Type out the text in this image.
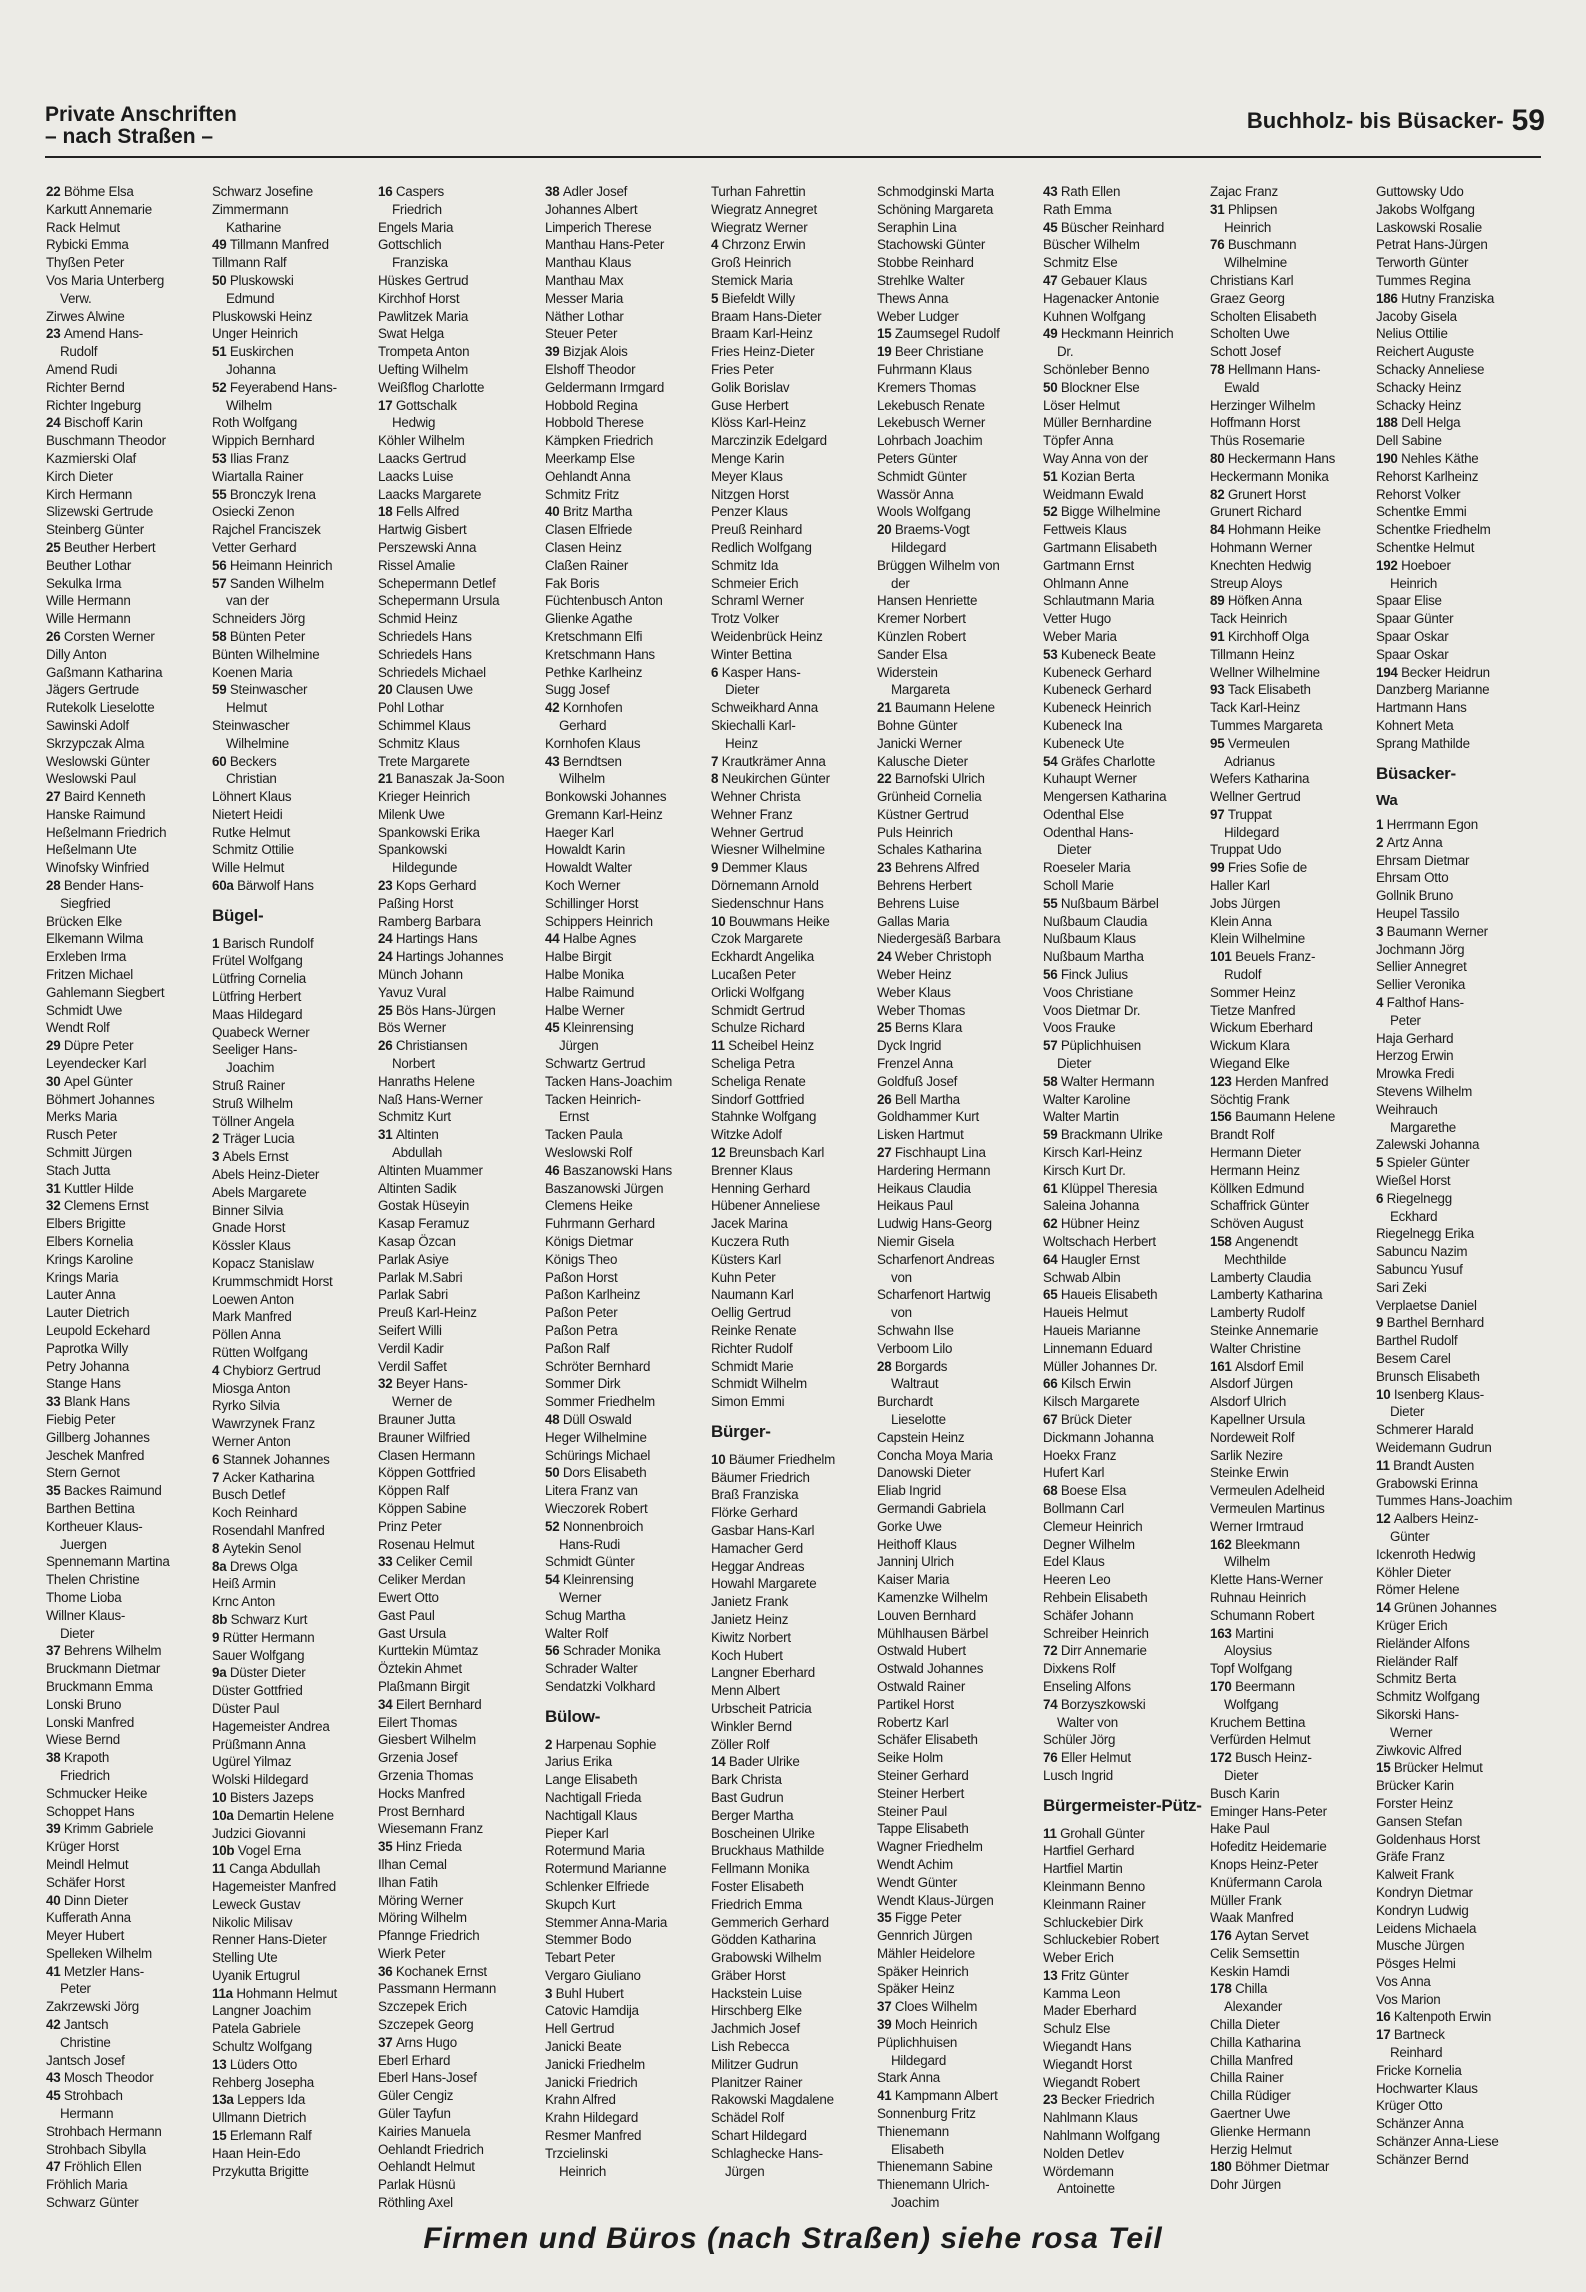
Private Anschriften
– nach Straßen –
Buchholz- bis Büsacker- 59
22 Böhme Elsa
Karkutt Annemarie
Rack Helmut
Rybicki Emma
Thyßen Peter
Vos Maria Unterberg
Verw.
Zirwes Alwine
23 Amend Hans-
Rudolf
Amend Rudi
Richter Bernd
Richter Ingeburg
24 Bischoff Karin
Buschmann Theodor
Kazmierski Olaf
Kirch Dieter
Kirch Hermann
Slizewski Gertrude
Steinberg Günter
25 Beuther Herbert
Beuther Lothar
Sekulka Irma
Wille Hermann
Wille Hermann
26 Corsten Werner
Dilly Anton
Gaßmann Katharina
Jägers Gertrude
Rutekolk Lieselotte
Sawinski Adolf
Skrzypczak Alma
Weslowski Günter
Weslowski Paul
27 Baird Kenneth
Hanske Raimund
Heßelmann Friedrich
Heßelmann Ute
Winofsky Winfried
28 Bender Hans-
Siegfried
Brücken Elke
Elkemann Wilma
Erxleben Irma
Fritzen Michael
Gahlemann Siegbert
Schmidt Uwe
Wendt Rolf
29 Düpre Peter
Leyendecker Karl
30 Apel Günter
Böhmert Johannes
Merks Maria
Rusch Peter
Schmitt Jürgen
Stach Jutta
31 Kuttler Hilde
32 Clemens Ernst
Elbers Brigitte
Elbers Kornelia
Krings Karoline
Krings Maria
Lauter Anna
Lauter Dietrich
Leupold Eckehard
Paprotka Willy
Petry Johanna
Stange Hans
33 Blank Hans
Fiebig Peter
Gillberg Johannes
Jeschek Manfred
Stern Gernot
35 Backes Raimund
Barthen Bettina
Kortheuer Klaus-
Juergen
Spennemann Martina
Thelen Christine
Thome Lioba
Willner Klaus-
Dieter
37 Behrens Wilhelm
Bruckmann Dietmar
Bruckmann Emma
Lonski Bruno
Lonski Manfred
Wiese Bernd
38 Krapoth
Friedrich
Schmucker Heike
Schoppet Hans
39 Krimm Gabriele
Krüger Horst
Meindl Helmut
Schäfer Horst
40 Dinn Dieter
Kufferath Anna
Meyer Hubert
Spelleken Wilhelm
41 Metzler Hans-
Peter
Zakrzewski Jörg
42 Jantsch
Christine
Jantsch Josef
43 Mosch Theodor
45 Strohbach
Hermann
Strohbach Hermann
Strohbach Sibylla
47 Fröhlich Ellen
Fröhlich Maria
Schwarz Günter
Schwarz Josefine
Zimmermann
Katharine
49 Tillmann Manfred
Tillmann Ralf
50 Pluskowski
Edmund
Pluskowski Heinz
Unger Heinrich
51 Euskirchen
Johanna
52 Feyerabend Hans-
Wilhelm
Roth Wolfgang
Wippich Bernhard
53 Ilias Franz
Wiartalla Rainer
55 Bronczyk Irena
Osiecki Zenon
Rajchel Franciszek
Vetter Gerhard
56 Heimann Heinrich
57 Sanden Wilhelm
van der
Schneiders Jörg
58 Bünten Peter
Bünten Wilhelmine
Koenen Maria
59 Steinwascher
Helmut
Steinwascher
Wilhelmine
60 Beckers
Christian
Löhnert Klaus
Nietert Heidi
Rutke Helmut
Schmitz Ottilie
Wille Helmut
60a Bärwolf Hans
Bügel-
1 Barisch Rundolf
Frütel Wolfgang
Lütfring Cornelia
Lütfring Herbert
Maas Hildegard
Quabeck Werner
Seeliger Hans-
Joachim
Struß Rainer
Struß Wilhelm
Töllner Angela
2 Träger Lucia
3 Abels Ernst
Abels Heinz-Dieter
Abels Margarete
Binner Silvia
Gnade Horst
Kössler Klaus
Kopacz Stanislaw
Krummschmidt Horst
Loewen Anton
Mark Manfred
Pöllen Anna
Rütten Wolfgang
4 Chybiorz Gertrud
Miosga Anton
Ryrko Silvia
Wawrzynek Franz
Werner Anton
6 Stannek Johannes
7 Acker Katharina
Busch Detlef
Koch Reinhard
Rosendahl Manfred
8 Aytekin Senol
8a Drews Olga
Heiß Armin
Krnc Anton
8b Schwarz Kurt
9 Rütter Hermann
Sauer Wolfgang
9a Düster Dieter
Düster Gottfried
Düster Paul
Hagemeister Andrea
Prüßmann Anna
Ugürel Yilmaz
Wolski Hildegard
10 Bisters Jazeps
10a Demartin Helene
Judzici Giovanni
10b Vogel Erna
11 Canga Abdullah
Hagemeister Manfred
Leweck Gustav
Nikolic Milisav
Renner Hans-Dieter
Stelling Ute
Uyanik Ertugrul
11a Hohmann Helmut
Langner Joachim
Patela Gabriele
Schultz Wolfgang
13 Lüders Otto
Rehberg Josepha
13a Leppers Ida
Ullmann Dietrich
15 Erlemann Ralf
Haan Hein-Edo
Przykutta Brigitte
16 Caspers
Friedrich
Engels Maria
Gottschlich
Franziska
Hüskes Gertrud
Kirchhof Horst
Pawlitzek Maria
Swat Helga
Trompeta Anton
Uefting Wilhelm
Weißflog Charlotte
17 Gottschalk
Hedwig
Köhler Wilhelm
Laacks Gertrud
Laacks Luise
Laacks Margarete
18 Fells Alfred
Hartwig Gisbert
Perszewski Anna
Rissel Amalie
Schepermann Detlef
Schepermann Ursula
Schmid Heinz
Schriedels Hans
Schriedels Hans
Schriedels Michael
20 Clausen Uwe
Pohl Lothar
Schimmel Klaus
Schmitz Klaus
Trete Margarete
21 Banaszak Ja-Soon
Krieger Heinrich
Milenk Uwe
Spankowski Erika
Spankowski
Hildegunde
23 Kops Gerhard
Paßing Horst
Ramberg Barbara
24 Hartings Hans
24 Hartings Johannes
Münch Johann
Yavuz Vural
25 Bös Hans-Jürgen
Bös Werner
26 Christiansen
Norbert
Hanraths Helene
Naß Hans-Werner
Schmitz Kurt
31 Altinten
Abdullah
Altinten Muammer
Altinten Sadik
Gostak Hüseyin
Kasap Feramuz
Kasap Özcan
Parlak Asiye
Parlak M.Sabri
Parlak Sabri
Preuß Karl-Heinz
Seifert Willi
Verdil Kadir
Verdil Saffet
32 Beyer Hans-
Werner de
Brauner Jutta
Brauner Wilfried
Clasen Hermann
Köppen Gottfried
Köppen Ralf
Köppen Sabine
Prinz Peter
Rosenau Helmut
33 Celiker Cemil
Celiker Merdan
Ewert Otto
Gast Paul
Gast Ursula
Kurttekin Mümtaz
Öztekin Ahmet
Plaßmann Birgit
34 Eilert Bernhard
Eilert Thomas
Giesbert Wilhelm
Grzenia Josef
Grzenia Thomas
Hocks Manfred
Prost Bernhard
Wiesemann Franz
35 Hinz Frieda
Ilhan Cemal
Ilhan Fatih
Möring Werner
Möring Wilhelm
Pfannge Friedrich
Wierk Peter
36 Kochanek Ernst
Passmann Hermann
Szczepek Erich
Szczepek Georg
37 Arns Hugo
Eberl Erhard
Eberl Hans-Josef
Güler Cengiz
Güler Tayfun
Kairies Manuela
Oehlandt Friedrich
Oehlandt Helmut
Parlak Hüsnü
Röthling Axel
38 Adler Josef
Johannes Albert
Limperich Therese
Manthau Hans-Peter
Manthau Klaus
Manthau Max
Messer Maria
Näther Lothar
Steuer Peter
39 Bizjak Alois
Elshoff Theodor
Geldermann Irmgard
Hobbold Regina
Hobbold Therese
Kämpken Friedrich
Meerkamp Else
Oehlandt Anna
Schmitz Fritz
40 Britz Martha
Clasen Elfriede
Clasen Heinz
Claßen Rainer
Fak Boris
Füchtenbusch Anton
Glienke Agathe
Kretschmann Elfi
Kretschmann Hans
Pethke Karlheinz
Sugg Josef
42 Kornhofen
Gerhard
Kornhofen Klaus
43 Berndtsen
Wilhelm
Bonkowski Johannes
Gremann Karl-Heinz
Haeger Karl
Howaldt Karin
Howaldt Walter
Koch Werner
Schillinger Horst
Schippers Heinrich
44 Halbe Agnes
Halbe Birgit
Halbe Monika
Halbe Raimund
Halbe Werner
45 Kleinrensing
Jürgen
Schwartz Gertrud
Tacken Hans-Joachim
Tacken Heinrich-
Ernst
Tacken Paula
Weslowski Rolf
46 Baszanowski Hans
Baszanowski Jürgen
Clemens Heike
Fuhrmann Gerhard
Königs Dietmar
Königs Theo
Paßon Horst
Paßon Karlheinz
Paßon Peter
Paßon Petra
Paßon Ralf
Schröter Bernhard
Sommer Dirk
Sommer Friedhelm
48 Düll Oswald
Heger Wilhelmine
Schürings Michael
50 Dors Elisabeth
Litera Franz van
Wieczorek Robert
52 Nonnenbroich
Hans-Rudi
Schmidt Günter
54 Kleinrensing
Werner
Schug Martha
Walter Rolf
56 Schrader Monika
Schrader Walter
Sendatzki Volkhard
Bülow-
2 Harpenau Sophie
Jarius Erika
Lange Elisabeth
Nachtigall Frieda
Nachtigall Klaus
Pieper Karl
Rotermund Maria
Rotermund Marianne
Schlenker Elfriede
Skupch Kurt
Stemmer Anna-Maria
Stemmer Bodo
Tebart Peter
Vergaro Giuliano
3 Buhl Hubert
Catovic Hamdija
Hell Gertrud
Janicki Beate
Janicki Friedhelm
Janicki Friedrich
Krahn Alfred
Krahn Hildegard
Resmer Manfred
Trzcielinski
Heinrich
Turhan Fahrettin
Wiegratz Annegret
Wiegratz Werner
4 Chrzonz Erwin
Groß Heinrich
Stemick Maria
5 Biefeldt Willy
Braam Hans-Dieter
Braam Karl-Heinz
Fries Heinz-Dieter
Fries Peter
Golik Borislav
Guse Herbert
Klöss Karl-Heinz
Marczinzik Edelgard
Menge Karin
Meyer Klaus
Nitzgen Horst
Penzer Klaus
Preuß Reinhard
Redlich Wolfgang
Schmitz Ida
Schmeier Erich
Schraml Werner
Trotz Volker
Weidenbrück Heinz
Winter Bettina
6 Kasper Hans-
Dieter
Schweikhard Anna
Skiechalli Karl-
Heinz
7 Krautkrämer Anna
8 Neukirchen Günter
Wehner Christa
Wehner Franz
Wehner Gertrud
Wiesner Wilhelmine
9 Demmer Klaus
Dörnemann Arnold
Siedenschnur Hans
10 Bouwmans Heike
Czok Margarete
Eckhardt Angelika
Lucaßen Peter
Orlicki Wolfgang
Schmidt Gertrud
Schulze Richard
11 Scheibel Heinz
Scheliga Petra
Scheliga Renate
Sindorf Gottfried
Stahnke Wolfgang
Witzke Adolf
12 Breunsbach Karl
Brenner Klaus
Henning Gerhard
Hübener Anneliese
Jacek Marina
Kuczera Ruth
Küsters Karl
Kuhn Peter
Naumann Karl
Oellig Gertrud
Reinke Renate
Richter Rudolf
Schmidt Marie
Schmidt Wilhelm
Simon Emmi
Bürger-
10 Bäumer Friedhelm
Bäumer Friedrich
Braß Franziska
Flörke Gerhard
Gasbar Hans-Karl
Hamacher Gerd
Heggar Andreas
Howahl Margarete
Janietz Frank
Janietz Heinz
Kiwitz Norbert
Koch Hubert
Langner Eberhard
Menn Albert
Urbscheit Patricia
Winkler Bernd
Zöller Rolf
14 Bader Ulrike
Bark Christa
Bast Gudrun
Berger Martha
Boscheinen Ulrike
Bruckhaus Mathilde
Fellmann Monika
Foster Elisabeth
Friedrich Emma
Gemmerich Gerhard
Gödden Katharina
Grabowski Wilhelm
Gräber Horst
Hackstein Luise
Hirschberg Elke
Jachmich Josef
Lish Rebecca
Militzer Gudrun
Planitzer Rainer
Rakowski Magdalene
Schädel Rolf
Schart Hildegard
Schlaghecke Hans-
Jürgen
Schmodginski Marta
Schöning Margareta
Seraphin Lina
Stachowski Günter
Stobbe Reinhard
Strehlke Walter
Thews Anna
Weber Ludger
15 Zaumsegel Rudolf
19 Beer Christiane
Fuhrmann Klaus
Kremers Thomas
Lekebusch Renate
Lekebusch Werner
Lohrbach Joachim
Peters Günter
Schmidt Günter
Wassör Anna
Wools Wolfgang
20 Braems-Vogt
Hildegard
Brüggen Wilhelm von
der
Hansen Henriette
Kremer Norbert
Künzlen Robert
Sander Elsa
Widerstein
Margareta
21 Baumann Helene
Bohne Günter
Janicki Werner
Kalusche Dieter
22 Barnofski Ulrich
Grünheid Cornelia
Küstner Gertrud
Puls Heinrich
Schales Katharina
23 Behrens Alfred
Behrens Herbert
Behrens Luise
Gallas Maria
Niedergesäß Barbara
24 Weber Christoph
Weber Heinz
Weber Klaus
Weber Thomas
25 Berns Klara
Dyck Ingrid
Frenzel Anna
Goldfuß Josef
26 Bell Martha
Goldhammer Kurt
Lisken Hartmut
27 Fischhaupt Lina
Hardering Hermann
Heikaus Claudia
Heikaus Paul
Ludwig Hans-Georg
Niemir Gisela
Scharfenort Andreas
von
Scharfenort Hartwig
von
Schwahn Ilse
Verboom Lilo
28 Borgards
Waltraut
Burchardt
Lieselotte
Capstein Heinz
Concha Moya Maria
Danowski Dieter
Eliab Ingrid
Germandi Gabriela
Gorke Uwe
Heithoff Klaus
Janninj Ulrich
Kaiser Maria
Kamenzke Wilhelm
Louven Bernhard
Mühlhausen Bärbel
Ostwald Hubert
Ostwald Johannes
Ostwald Rainer
Partikel Horst
Robertz Karl
Schäfer Elisabeth
Seike Holm
Steiner Gerhard
Steiner Herbert
Steiner Paul
Tappe Elisabeth
Wagner Friedhelm
Wendt Achim
Wendt Günter
Wendt Klaus-Jürgen
35 Figge Peter
Gennrich Jürgen
Mähler Heidelore
Späker Heinrich
Späker Heinz
37 Cloes Wilhelm
39 Moch Heinrich
Püplichhuisen
Hildegard
Stark Anna
41 Kampmann Albert
Sonnenburg Fritz
Thienemann
Elisabeth
Thienemann Sabine
Thienemann Ulrich-
Joachim
43 Rath Ellen
Rath Emma
45 Büscher Reinhard
Büscher Wilhelm
Schmitz Else
47 Gebauer Klaus
Hagenacker Antonie
Kuhnen Wolfgang
49 Heckmann Heinrich
Dr.
Schönleber Benno
50 Blockner Else
Löser Helmut
Müller Bernhardine
Töpfer Anna
Way Anna von der
51 Kozian Berta
Weidmann Ewald
52 Bigge Wilhelmine
Fettweis Klaus
Gartmann Elisabeth
Gartmann Ernst
Ohlmann Anne
Schlautmann Maria
Vetter Hugo
Weber Maria
53 Kubeneck Beate
Kubeneck Gerhard
Kubeneck Gerhard
Kubeneck Heinrich
Kubeneck Ina
Kubeneck Ute
54 Gräfes Charlotte
Kuhaupt Werner
Mengersen Katharina
Odenthal Else
Odenthal Hans-
Dieter
Roeseler Maria
Scholl Marie
55 Nußbaum Bärbel
Nußbaum Claudia
Nußbaum Klaus
Nußbaum Martha
56 Finck Julius
Voos Christiane
Voos Dietmar Dr.
Voos Frauke
57 Püplichhuisen
Dieter
58 Walter Hermann
Walter Karoline
Walter Martin
59 Brackmann Ulrike
Kirsch Karl-Heinz
Kirsch Kurt Dr.
61 Klüppel Theresia
Saleina Johanna
62 Hübner Heinz
Woltschach Herbert
64 Haugler Ernst
Schwab Albin
65 Haueis Elisabeth
Haueis Helmut
Haueis Marianne
Linnemann Eduard
Müller Johannes Dr.
66 Kilsch Erwin
Kilsch Margarete
67 Brück Dieter
Dickmann Johanna
Hoekx Franz
Hufert Karl
68 Boese Elsa
Bollmann Carl
Clemeur Heinrich
Degner Wilhelm
Edel Klaus
Heeren Leo
Rehbein Elisabeth
Schäfer Johann
Schreiber Heinrich
72 Dirr Annemarie
Dixkens Rolf
Enseling Alfons
74 Borzyszkowski
Walter von
Schüler Jörg
76 Eller Helmut
Lusch Ingrid
Bürgermeister-Pütz-
11 Grohall Günter
Hartfiel Gerhard
Hartfiel Martin
Kleinmann Benno
Kleinmann Rainer
Schluckebier Dirk
Schluckebier Robert
Weber Erich
13 Fritz Günter
Kamma Leon
Mader Eberhard
Schulz Else
Wiegandt Hans
Wiegandt Horst
Wiegandt Robert
23 Becker Friedrich
Nahlmann Klaus
Nahlmann Wolfgang
Nolden Detlev
Wördemann
Antoinette
Zajac Franz
31 Phlipsen
Heinrich
76 Buschmann
Wilhelmine
Christians Karl
Graez Georg
Scholten Elisabeth
Scholten Uwe
Schott Josef
78 Hellmann Hans-
Ewald
Herzinger Wilhelm
Hoffmann Horst
Thüs Rosemarie
80 Heckermann Hans
Heckermann Monika
82 Grunert Horst
Grunert Richard
84 Hohmann Heike
Hohmann Werner
Knechten Hedwig
Streup Aloys
89 Höfken Anna
Tack Heinrich
91 Kirchhoff Olga
Tillmann Heinz
Wellner Wilhelmine
93 Tack Elisabeth
Tack Karl-Heinz
Tummes Margareta
95 Vermeulen
Adrianus
Wefers Katharina
Wellner Gertrud
97 Truppat
Hildegard
Truppat Udo
99 Fries Sofie de
Haller Karl
Jobs Jürgen
Klein Anna
Klein Wilhelmine
101 Beuels Franz-
Rudolf
Sommer Heinz
Tietze Manfred
Wickum Eberhard
Wickum Klara
Wiegand Elke
123 Herden Manfred
Söchtig Frank
156 Baumann Helene
Brandt Rolf
Hermann Dieter
Hermann Heinz
Köllken Edmund
Schaffrick Günter
Schöven August
158 Angenendt
Mechthilde
Lamberty Claudia
Lamberty Katharina
Lamberty Rudolf
Steinke Annemarie
Walter Christine
161 Alsdorf Emil
Alsdorf Jürgen
Alsdorf Ulrich
Kapellner Ursula
Nordeweit Rolf
Sarlik Nezire
Steinke Erwin
Vermeulen Adelheid
Vermeulen Martinus
Werner Irmtraud
162 Bleekmann
Wilhelm
Klette Hans-Werner
Ruhnau Heinrich
Schumann Robert
163 Martini
Aloysius
Topf Wolfgang
170 Beermann
Wolfgang
Kruchem Bettina
Verfürden Helmut
172 Busch Heinz-
Dieter
Busch Karin
Eminger Hans-Peter
Hake Paul
Hofeditz Heidemarie
Knops Heinz-Peter
Knüfermann Carola
Müller Frank
Waak Manfred
176 Aytan Servet
Celik Semsettin
Keskin Hamdi
178 Chilla
Alexander
Chilla Dieter
Chilla Katharina
Chilla Manfred
Chilla Rainer
Chilla Rüdiger
Gaertner Uwe
Glienke Hermann
Herzig Helmut
180 Böhmer Dietmar
Dohr Jürgen
Guttowsky Udo
Jakobs Wolfgang
Laskowski Rosalie
Petrat Hans-Jürgen
Terworth Günter
Tummes Regina
186 Hutny Franziska
Jacoby Gisela
Nelius Ottilie
Reichert Auguste
Schacky Anneliese
Schacky Heinz
Schacky Heinz
188 Dell Helga
Dell Sabine
190 Nehles Käthe
Rehorst Karlheinz
Rehorst Volker
Schentke Emmi
Schentke Friedhelm
Schentke Helmut
192 Hoeboer
Heinrich
Spaar Elise
Spaar Günter
Spaar Oskar
Spaar Oskar
194 Becker Heidrun
Danzberg Marianne
Hartmann Hans
Kohnert Meta
Sprang Mathilde
Büsacker-
Wa
1 Herrmann Egon
2 Artz Anna
Ehrsam Dietmar
Ehrsam Otto
Gollnik Bruno
Heupel Tassilo
3 Baumann Werner
Jochmann Jörg
Sellier Annegret
Sellier Veronika
4 Falthof Hans-
Peter
Haja Gerhard
Herzog Erwin
Mrowka Fredi
Stevens Wilhelm
Weihrauch
Margarethe
Zalewski Johanna
5 Spieler Günter
Wießel Horst
6 Riegelnegg
Eckhard
Riegelnegg Erika
Sabuncu Nazim
Sabuncu Yusuf
Sari Zeki
Verplaetse Daniel
9 Barthel Bernhard
Barthel Rudolf
Besem Carel
Brunsch Elisabeth
10 Isenberg Klaus-
Dieter
Schmerer Harald
Weidemann Gudrun
11 Brandt Austen
Grabowski Erinna
Tummes Hans-Joachim
12 Aalbers Heinz-
Günter
Ickenroth Hedwig
Köhler Dieter
Römer Helene
14 Grünen Johannes
Krüger Erich
Rieländer Alfons
Rieländer Ralf
Schmitz Berta
Schmitz Wolfgang
Sikorski Hans-
Werner
Ziwkovic Alfred
15 Brücker Helmut
Brücker Karin
Forster Heinz
Gansen Stefan
Goldenhaus Horst
Gräfe Franz
Kalweit Frank
Kondryn Dietmar
Kondryn Ludwig
Leidens Michaela
Musche Jürgen
Pösges Helmi
Vos Anna
Vos Marion
16 Kaltenpoth Erwin
17 Bartneck
Reinhard
Fricke Kornelia
Hochwarter Klaus
Krüger Otto
Schänzer Anna
Schänzer Anna-Liese
Schänzer Bernd
Firmen und Büros (nach Straßen) siehe rosa Teil
